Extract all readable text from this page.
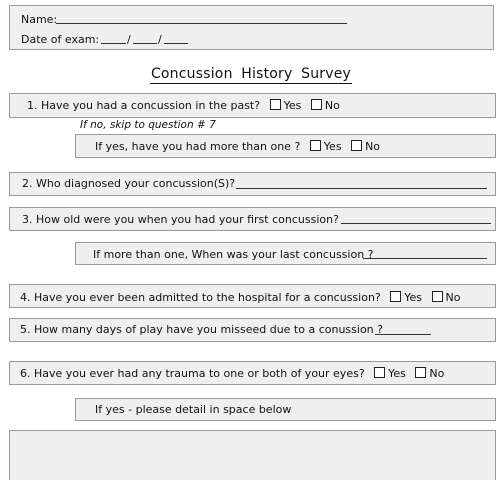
Name:
Date of exam:	/ /
Concussion History Survey
1. Have you had a concussion in the past? Yes No
If no, skip to question # 7
If yes, have you had more than one ? Yes No
2. Who diagnosed your concussion(S)?
3. How old were you when you had your first concussion?
If more than one, When was your last concussion ?
4. Have you ever been admitted to the hospital for a concussion? Yes No
5. How many days of play have you misseed due to a conussion ?
6. Have you ever had any trauma to one or both of your eyes? Yes No
If yes - please detail in space below
